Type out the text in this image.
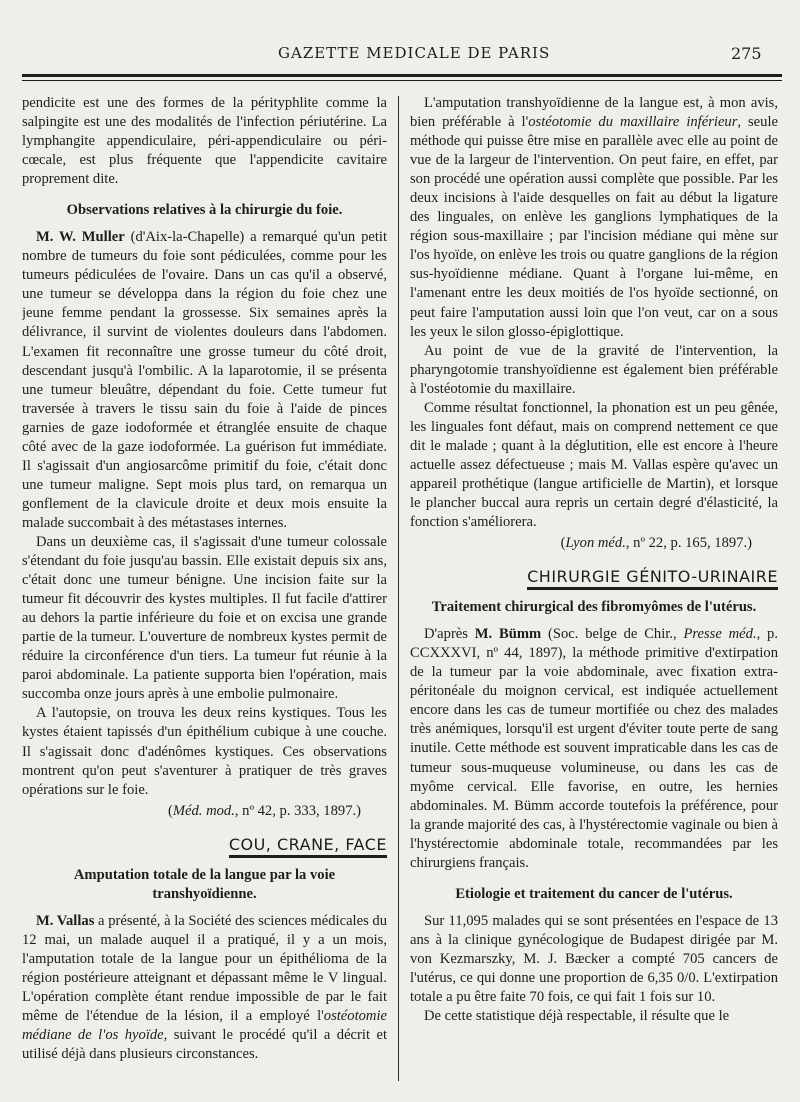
GAZETTE MEDICALE DE PARIS	275

pendicite est une des formes de la pérityphlite comme la salpingite est une des modalités de l'infection périutérine. La lymphangite appendiculaire, péri-appendiculaire ou péri-cœcale, est plus fréquente que l'appendicite cavitaire proprement dite.

Observations relatives à la chirurgie du foie.

M. W. Muller (d'Aix-la-Chapelle) a remarqué qu'un petit nombre de tumeurs du foie sont pédiculées, comme pour les tumeurs pédiculées de l'ovaire. Dans un cas qu'il a observé, une tumeur se développa dans la région du foie chez une jeune femme pendant la grossesse. Six semaines après la délivrance, il survint de violentes douleurs dans l'abdomen. L'examen fit reconnaître une grosse tumeur du côté droit, descendant jusqu'à l'ombilic. A la laparotomie, il se présenta une tumeur bleuâtre, dépendant du foie. Cette tumeur fut traversée à travers le tissu sain du foie à l'aide de pinces garnies de gaze iodoformée et étranglée ensuite de chaque côté avec de la gaze iodoformée. La guérison fut immédiate. Il s'agissait d'un angiosarcôme primitif du foie, c'était donc une tumeur maligne. Sept mois plus tard, on remarqua un gonflement de la clavicule droite et deux mois ensuite la malade succombait à des métastases internes.

Dans un deuxième cas, il s'agissait d'une tumeur colossale s'étendant du foie jusqu'au bassin. Elle existait depuis six ans, c'était donc une tumeur bénigne. Une incision faite sur la tumeur fit découvrir des kystes multiples. Il fut facile d'attirer au dehors la partie inférieure du foie et on excisa une grande partie de la tumeur. L'ouverture de nombreux kystes permit de réduire la circonférence d'un tiers. La tumeur fut réunie à la paroi abdominale. La patiente supporta bien l'opération, mais succomba onze jours après à une embolie pulmonaire.

A l'autopsie, on trouva les deux reins kystiques. Tous les kystes étaient tapissés d'un épithélium cubique à une couche. Il s'agissait donc d'adénômes kystiques. Ces observations montrent qu'on peut s'aventurer à pratiquer de très graves opérations sur le foie.

(Méd. mod., nº 42, p. 333, 1897.)

COU, CRANE, FACE

Amputation totale de la langue par la voie transhyoïdienne.

M. Vallas a présenté, à la Société des sciences médicales du 12 mai, un malade auquel il a pratiqué, il y a un mois, l'amputation totale de la langue pour un épithélioma de la région postérieure atteignant et dépassant même le V lingual. L'opération complète étant rendue impossible de par le fait même de l'étendue de la lésion, il a employé l'ostéotomie médiane de l'os hyoïde, suivant le procédé qu'il a décrit et utilisé déjà dans plusieurs circonstances.

L'amputation transhyoïdienne de la langue est, à mon avis, bien préférable à l'ostéotomie du maxillaire inférieur, seule méthode qui puisse être mise en parallèle avec elle au point de vue de la largeur de l'intervention. On peut faire, en effet, par son procédé une opération aussi complète que possible. Par les deux incisions à l'aide desquelles on fait au début la ligature des linguales, on enlève les ganglions lymphatiques de la région sous-maxillaire ; par l'incision médiane qui mène sur l'os hyoïde, on enlève les trois ou quatre ganglions de la région sus-hyoïdienne médiane. Quant à l'organe lui-même, en l'amenant entre les deux moitiés de l'os hyoïde sectionné, on peut faire l'amputation aussi loin que l'on veut, car on a sous les yeux le silon glosso-épiglottique.

Au point de vue de la gravité de l'intervention, la pharyngotomie transhyoïdienne est également bien préférable à l'ostéotomie du maxillaire.

Comme résultat fonctionnel, la phonation est un peu gênée, les linguales font défaut, mais on comprend nettement ce que dit le malade ; quant à la déglutition, elle est encore à l'heure actuelle assez défectueuse ; mais M. Vallas espère qu'avec un appareil prothétique (langue artificielle de Martin), et lorsque le plancher buccal aura repris un certain degré d'élasticité, la fonction s'améliorera.

(Lyon méd., nº 22, p. 165, 1897.)

CHIRURGIE GÉNITO-URINAIRE

Traitement chirurgical des fibromyômes de l'utérus.

D'après M. Bümm (Soc. belge de Chir., Presse méd., p. CCXXXVI, nº 44, 1897), la méthode primitive d'extirpation de la tumeur par la voie abdominale, avec fixation extra-péritonéale du moignon cervical, est indiquée actuellement encore dans les cas de tumeur mortifiée ou chez des malades très anémiques, lorsqu'il est urgent d'éviter toute perte de sang inutile. Cette méthode est souvent impraticable dans les cas de tumeur sous-muqueuse volumineuse, ou dans les cas de myôme cervical. Elle favorise, en outre, les hernies abdominales. M. Bümm accorde toutefois la préférence, pour la grande majorité des cas, à l'hystérectomie vaginale ou bien à l'hystérectomie abdominale totale, recommandées par les chirurgiens français.

Etiologie et traitement du cancer de l'utérus.

Sur 11,095 malades qui se sont présentées en l'espace de 13 ans à la clinique gynécologique de Budapest dirigée par M. von Kezmarszky, M. J. Bæcker a compté 705 cancers de l'utérus, ce qui donne une proportion de 6,35 0/0. L'extirpation totale a pu être faite 70 fois, ce qui fait 1 fois sur 10.

De cette statistique déjà respectable, il résulte que le
